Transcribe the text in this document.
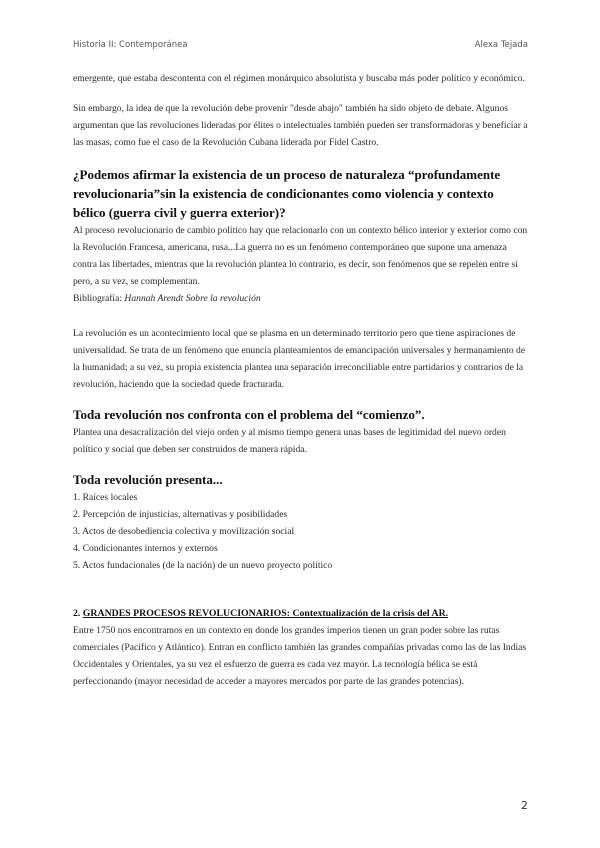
Historia II: Contemporánea	Alexa Tejada

emergente, que estaba descontenta con el régimen monárquico absolutista y buscaba más poder político y económico.

Sin embargo, la idea de que la revolución debe provenir "desde abajo" también ha sido objeto de debate. Algunos argumentan que las revoluciones lideradas por élites o intelectuales también pueden ser transformadoras y beneficiar a las masas, como fue el caso de la Revolución Cubana liderada por Fidel Castro.

¿Podemos afirmar la existencia de un proceso de naturaleza “profundamente revolucionaria”sin la existencia de condicionantes como violencia y contexto bélico (guerra civil y guerra exterior)?

Al proceso revolucionario de cambio político hay que relacionarlo con un contexto bélico interior y exterior como con la Revolución Francesa, americana, rusa...La guerra no es un fenómeno contemporáneo que supone una amenaza contra las libertades, mientras que la revolución plantea lo contrario, es decir, son fenómenos que se repelen entre sí pero, a su vez, se complementan.

Bibliografía: Hannah Arendt Sobre la revolución

La revolución es un acontecimiento local que se plasma en un determinado territorio pero que tiene aspiraciones de universalidad. Se trata de un fenómeno que enuncia planteamientos de emancipación universales y hermanamiento de la humanidad; a su vez, su propia existencia plantea una separación irreconciliable entre partidarios y contrarios de la revolución, haciendo que la sociedad quede fracturada.

Toda revolución nos confronta con el problema del “comienzo”.

Plantea una desacralización del viejo orden y al mismo tiempo genera unas bases de legitimidad del nuevo orden político y social que deben ser construidos de manera rápida.

Toda revolución presenta...

1. Raíces locales

2. Percepción de injusticias, alternativas y posibilidades

3. Actos de desobediencia colectiva y movilización social

4. Condicionantes internos y externos

5. Actos fundacionales (de la nación) de un nuevo proyecto político

2. GRANDES PROCESOS REVOLUCIONARIOS: Contextualización de la crisis del AR.

Entre 1750 nos encontramos en un contexto en donde los grandes imperios tienen un gran poder sobre las rutas comerciales (Pacífico y Atlántico). Entran en conflicto también las grandes compañías privadas como las de las Indias Occidentales y Orientales, ya su vez el esfuerzo de guerra es cada vez mayor. La tecnología bélica se está perfeccionando (mayor necesidad de acceder a mayores mercados por parte de las grandes potencias).

2
